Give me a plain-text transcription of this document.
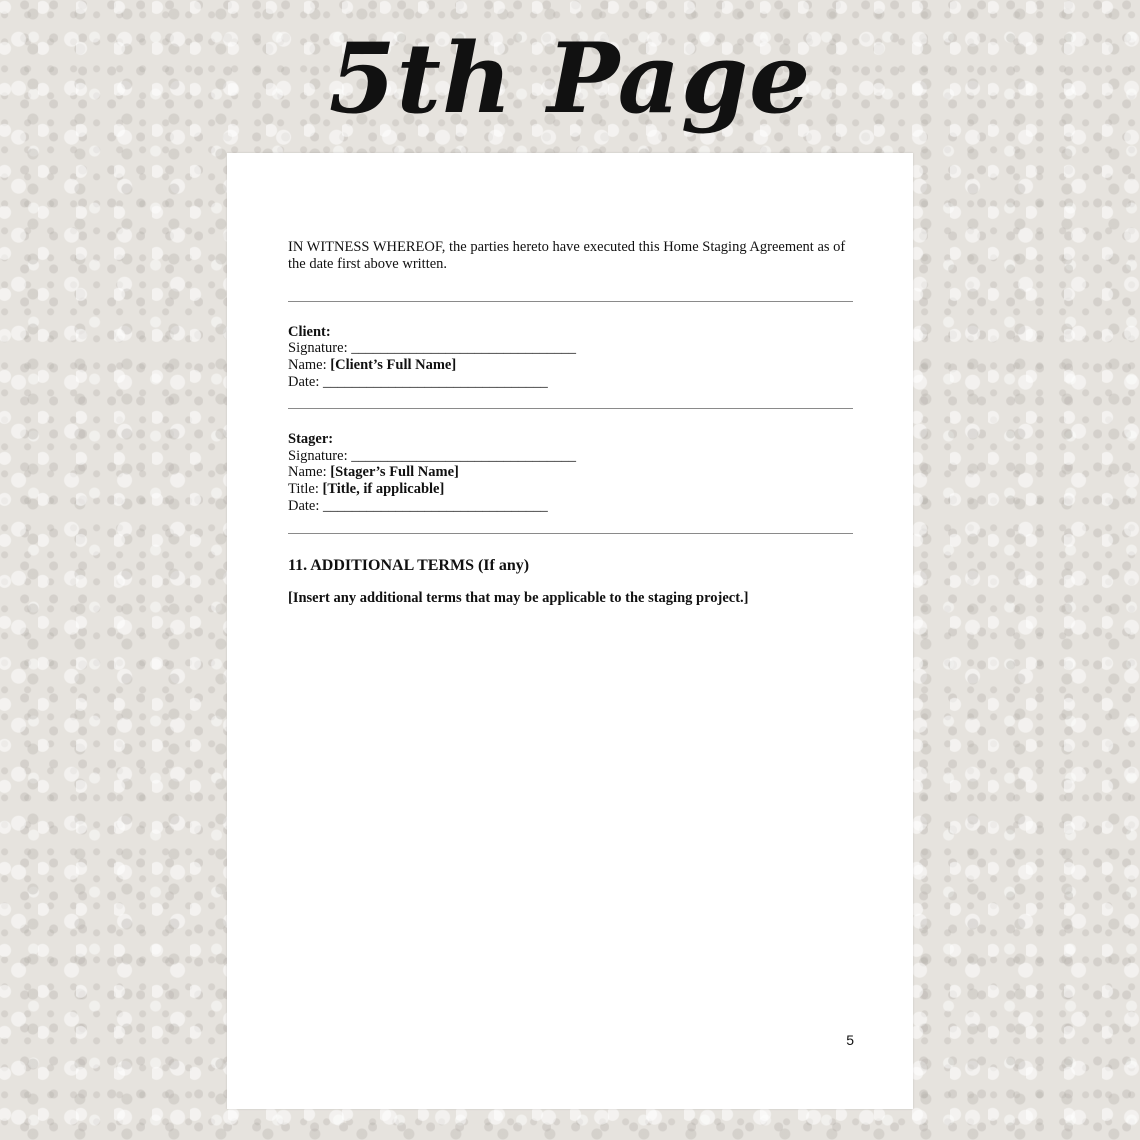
5th Page

IN WITNESS WHEREOF, the parties hereto have executed this Home Staging Agreement as of the date first above written.

Client:
Signature: _______________________________
Name: [Client’s Full Name]
Date: _______________________________
Stager:
Signature: _______________________________
Name: [Stager’s Full Name]
Title: [Title, if applicable]
Date: _______________________________
11. ADDITIONAL TERMS (If any)
[Insert any additional terms that may be applicable to the staging project.]
5
